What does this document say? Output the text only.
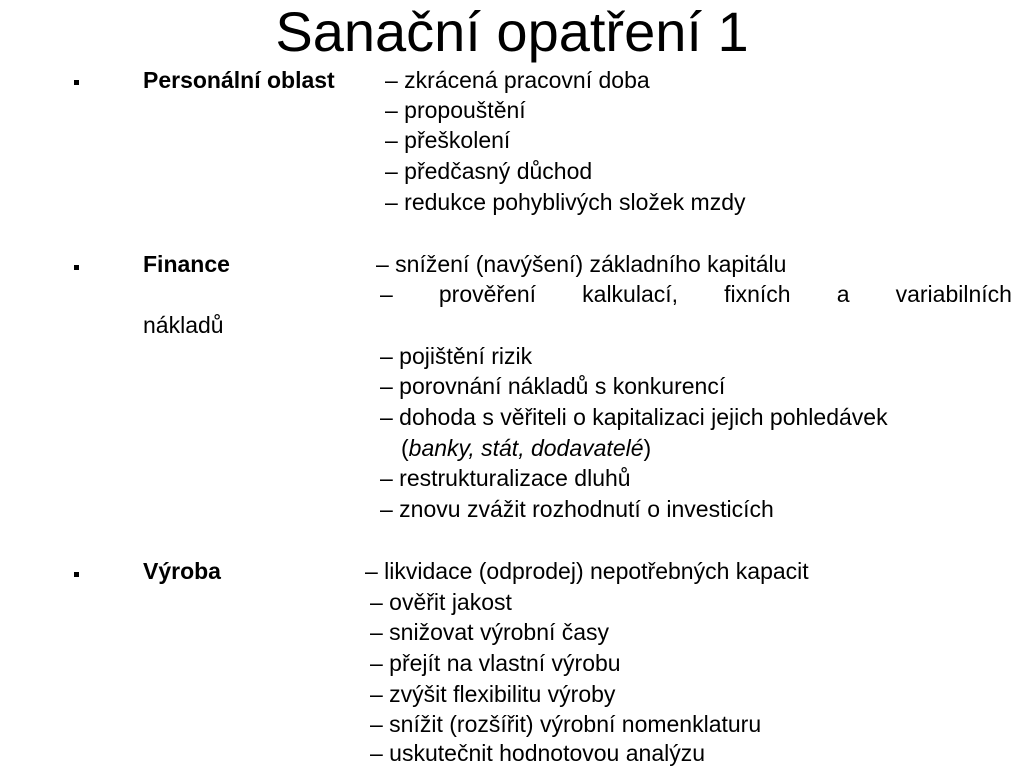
Sanační opatření 1
Personální oblast – zkrácená pracovní doba
– propouštění
– přeškolení
– předčasný důchod
– redukce pohyblivých složek mzdy
Finance	– snížení (navýšení) základního kapitálu
– prověření kalkulací, fixních a variabilních
nákladů
– pojištění rizik
– porovnání nákladů s konkurencí
– dohoda s věřiteli o kapitalizaci jejich pohledávek
(banky, stát, dodavatelé)
– restrukturalizace dluhů
– znovu zvážit rozhodnutí o investicích
Výroba	– likvidace (odprodej) nepotřebných kapacit
– ověřit jakost
– snižovat výrobní časy
– přejít na vlastní výrobu
– zvýšit flexibilitu výroby
– snížit (rozšířit) výrobní nomenklaturu
– uskutečnit hodnotovou analýzu
